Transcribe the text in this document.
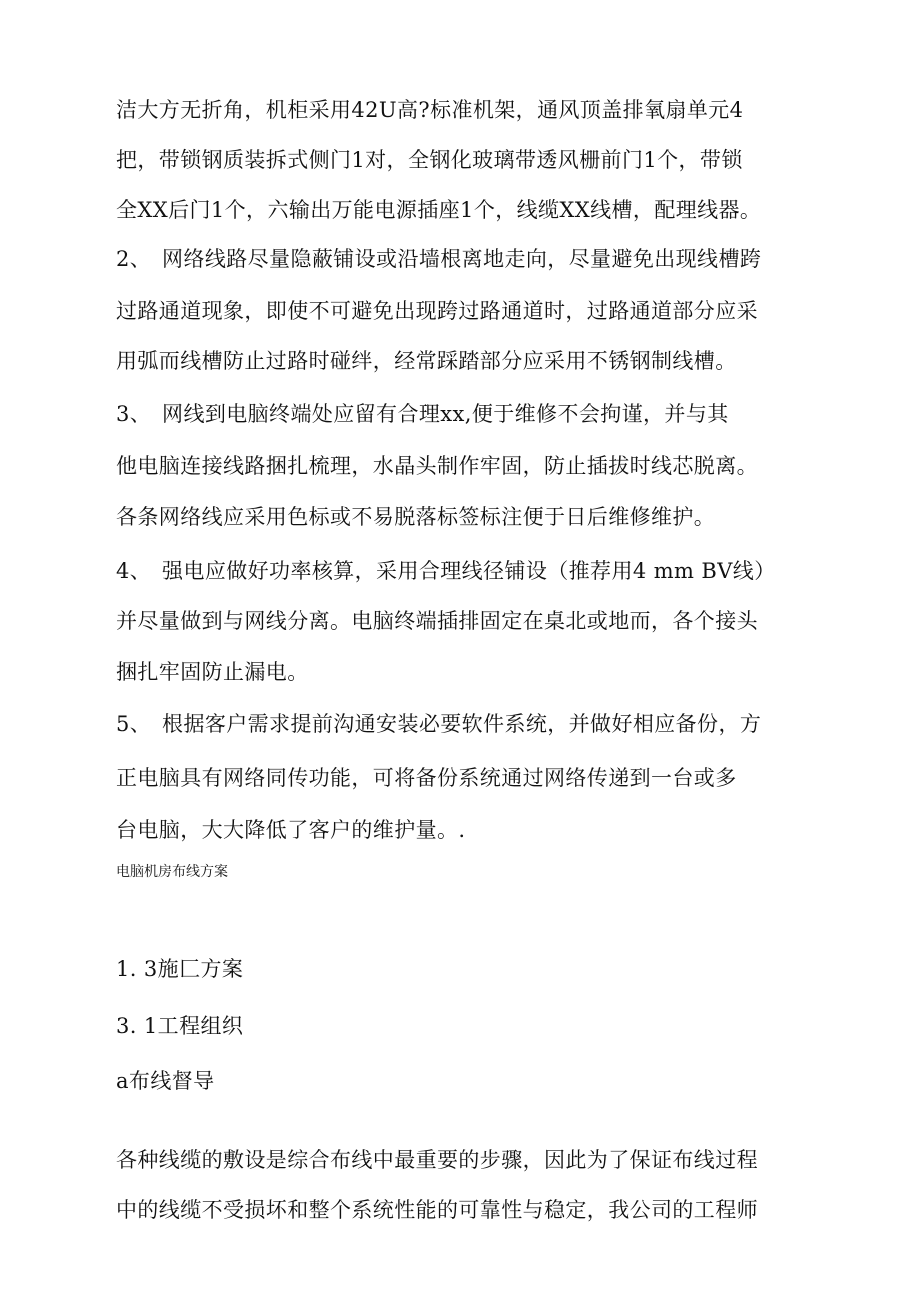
洁大方无折角，机柜采用42U高?标准机架，通风顶盖排氧扇单元4
把，带锁钢质装拆式侧门1对，全钢化玻璃带透风栅前门1个，带锁
全XX后门1个，六输出万能电源插座1个，线缆XX线槽，配理线器。
2、　网络线路尽量隐蔽铺设或沿墙根离地走向，尽量避免出现线槽跨
过路通道现象，即使不可避免出现跨过路通道时，过路通道部分应采
用弧而线槽防止过路时碰绊，经常踩踏部分应采用不锈钢制线槽。
3、　网线到电脑终端处应留有合理xx,便于维修不会拘谨，并与其
他电脑连接线路捆扎梳理，水晶头制作牢固，防止插拔时线芯脱离。
各条网络线应采用色标或不易脱落标签标注便于日后维修维护。
4、　强电应做好功率核算，采用合理线径铺设（推荐用4 mm BV线）
并尽量做到与网线分离。电脑终端插排固定在桌北或地而，各个接头
捆扎牢固防止漏电。
5、　根据客户需求提前沟通安装必要软件系统，并做好相应备份，方
正电脑具有网络同传功能，可将备份系统通过网络传递到一台或多
台电脑，大大降低了客户的维护量。.
电脑机房布线方案
1. 3施匚方案
3. 1工程组织
a布线督导
各种线缆的敷设是综合布线中最重要的步骤，因此为了保证布线过程
中的线缆不受损坏和整个系统性能的可靠性与稳定，我公司的工程师
